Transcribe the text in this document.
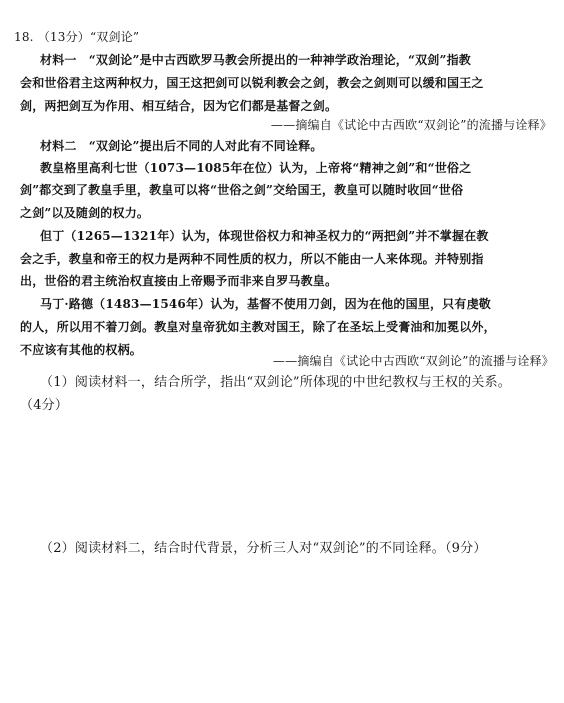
18. （13分）“双剑论”
材料一　“双剑论”是中古西欧罗马教会所提出的一种神学政治理论，“双剑”指教
会和世俗君主这两种权力，国王这把剑可以锐利教会之剑，教会之剑则可以缓和国王之
剑，两把剑互为作用、相互结合，因为它们都是基督之剑。
——摘编自《试论中古西欧“双剑论”的流播与诠释》
材料二　“双剑论”提出后不同的人对此有不同诠释。
教皇格里高利七世（1073—1085年在位）认为，上帝将“精神之剑”和“世俗之
剑”都交到了教皇手里，教皇可以将“世俗之剑”交给国王，教皇可以随时收回“世俗
之剑”以及随剑的权力。
但丁（1265—1321年）认为，体现世俗权力和神圣权力的“两把剑”并不掌握在教
会之手，教皇和帝王的权力是两种不同性质的权力，所以不能由一人来体现。并特别指
出，世俗的君主统治权直接由上帝赐予而非来自罗马教皇。
马丁·路德（1483—1546年）认为，基督不使用刀剑，因为在他的国里，只有虔敬
的人，所以用不着刀剑。教皇对皇帝犹如主教对国王，除了在圣坛上受膏油和加冕以外，
不应该有其他的权柄。
——摘编自《试论中古西欧“双剑论”的流播与诠释》
（1）阅读材料一，结合所学，指出“双剑论”所体现的中世纪教权与王权的关系。
（4分）
（2）阅读材料二，结合时代背景，分析三人对“双剑论”的不同诠释。（9分）
